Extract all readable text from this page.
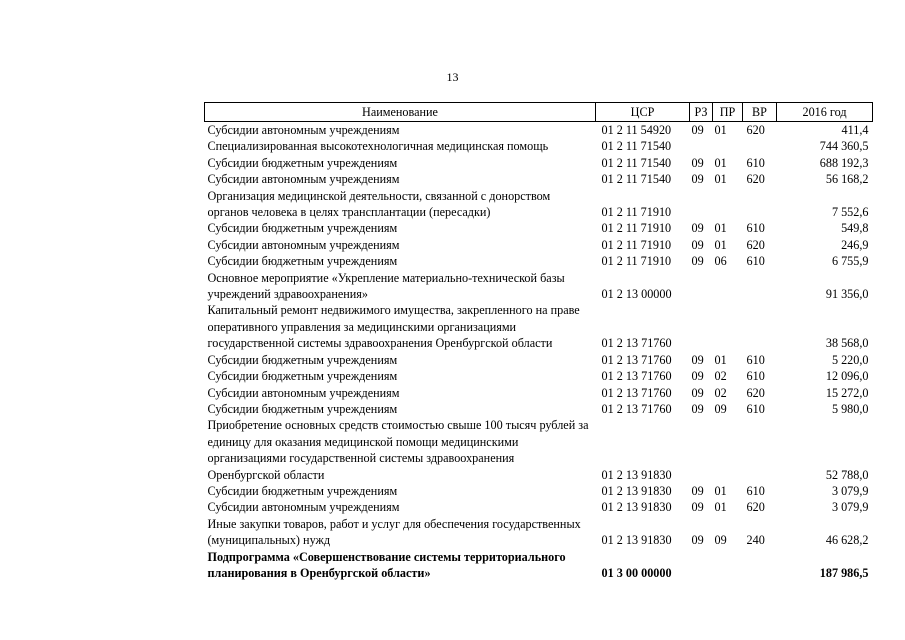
13
Наименование	ЦСР	РЗ	ПР	ВР	2016 год
Субсидии автономным учреждениям	01 2 11 54920	09	01	620	411,4
Специализированная высокотехнологичная медицинская помощь	01 2 11 71540				744 360,5
Субсидии бюджетным учреждениям	01 2 11 71540	09	01	610	688 192,3
Субсидии автономным учреждениям	01 2 11 71540	09	01	620	56 168,2
Организация медицинской деятельности, связанной с донорством органов человека в целях трансплантации (пересадки)	01 2 11 71910				7 552,6
Субсидии бюджетным учреждениям	01 2 11 71910	09	01	610	549,8
Субсидии автономным учреждениям	01 2 11 71910	09	01	620	246,9
Субсидии бюджетным учреждениям	01 2 11 71910	09	06	610	6 755,9
Основное мероприятие «Укрепление материально-технической базы учреждений здравоохранения»	01 2 13 00000				91 356,0
Капитальный ремонт недвижимого имущества, закрепленного на праве оперативного управления за медицинскими организациями государственной системы здравоохранения Оренбургской области	01 2 13 71760				38 568,0
Субсидии бюджетным учреждениям	01 2 13 71760	09	01	610	5 220,0
Субсидии бюджетным учреждениям	01 2 13 71760	09	02	610	12 096,0
Субсидии автономным учреждениям	01 2 13 71760	09	02	620	15 272,0
Субсидии бюджетным учреждениям	01 2 13 71760	09	09	610	5 980,0
Приобретение основных средств стоимостью свыше 100 тысяч рублей за единицу для оказания медицинской помощи медицинскими организациями государственной системы здравоохранения Оренбургской области	01 2 13 91830				52 788,0
Субсидии бюджетным учреждениям	01 2 13 91830	09	01	610	3 079,9
Субсидии автономным учреждениям	01 2 13 91830	09	01	620	3 079,9
Иные закупки товаров, работ и услуг для обеспечения государственных (муниципальных) нужд	01 2 13 91830	09	09	240	46 628,2
Подпрограмма «Совершенствование системы территориального планирования в Оренбургской области»	01 3 00 00000				187 986,5
